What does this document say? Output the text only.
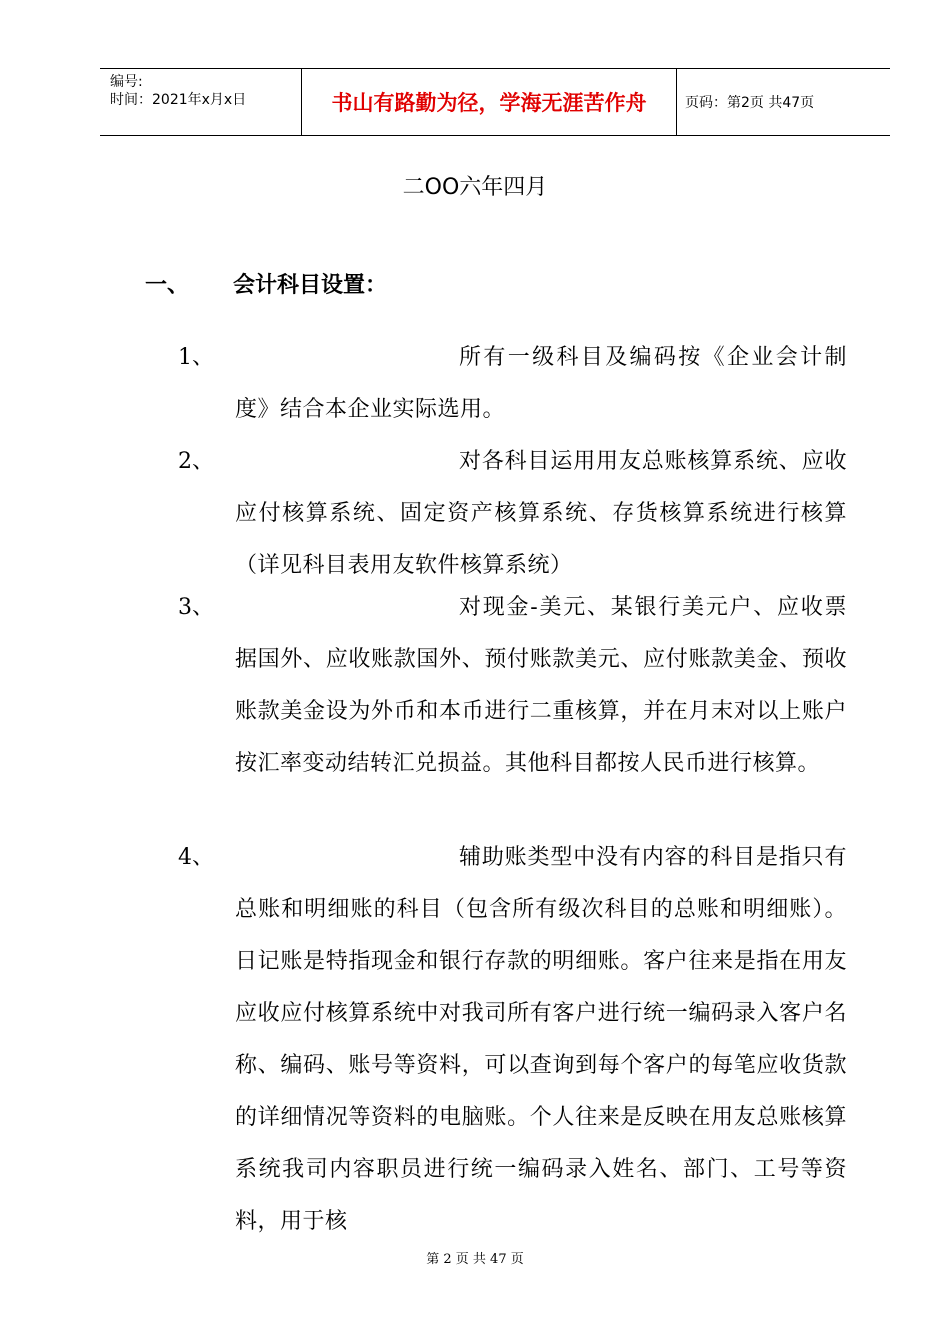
编号:
时间：2021年x月x日	书山有路勤为径，学海无涯苦作舟	页码：第2页 共47页
二OO六年四月
一、	会计科目设置：
1、	所有一级科目及编码按《企业会计制度》结合本企业实际选用。
2、	对各科目运用用友总账核算系统、应收应付核算系统、固定资产核算系统、存货核算系统进行核算（详见科目表用友软件核算系统）
3、	对现金-美元、某银行美元户、应收票据国外、应收账款国外、预付账款美元、应付账款美金、预收账款美金设为外币和本币进行二重核算，并在月末对以上账户按汇率变动结转汇兑损益。其他科目都按人民币进行核算。
4、	辅助账类型中没有内容的科目是指只有总账和明细账的科目（包含所有级次科目的总账和明细账）。日记账是特指现金和银行存款的明细账。客户往来是指在用友应收应付核算系统中对我司所有客户进行统一编码录入客户名称、编码、账号等资料，可以查询到每个客户的每笔应收货款的详细情况等资料的电脑账。个人往来是反映在用友总账核算系统我司内容职员进行统一编码录入姓名、部门、工号等资料，用于核
第 2 页 共 47 页
